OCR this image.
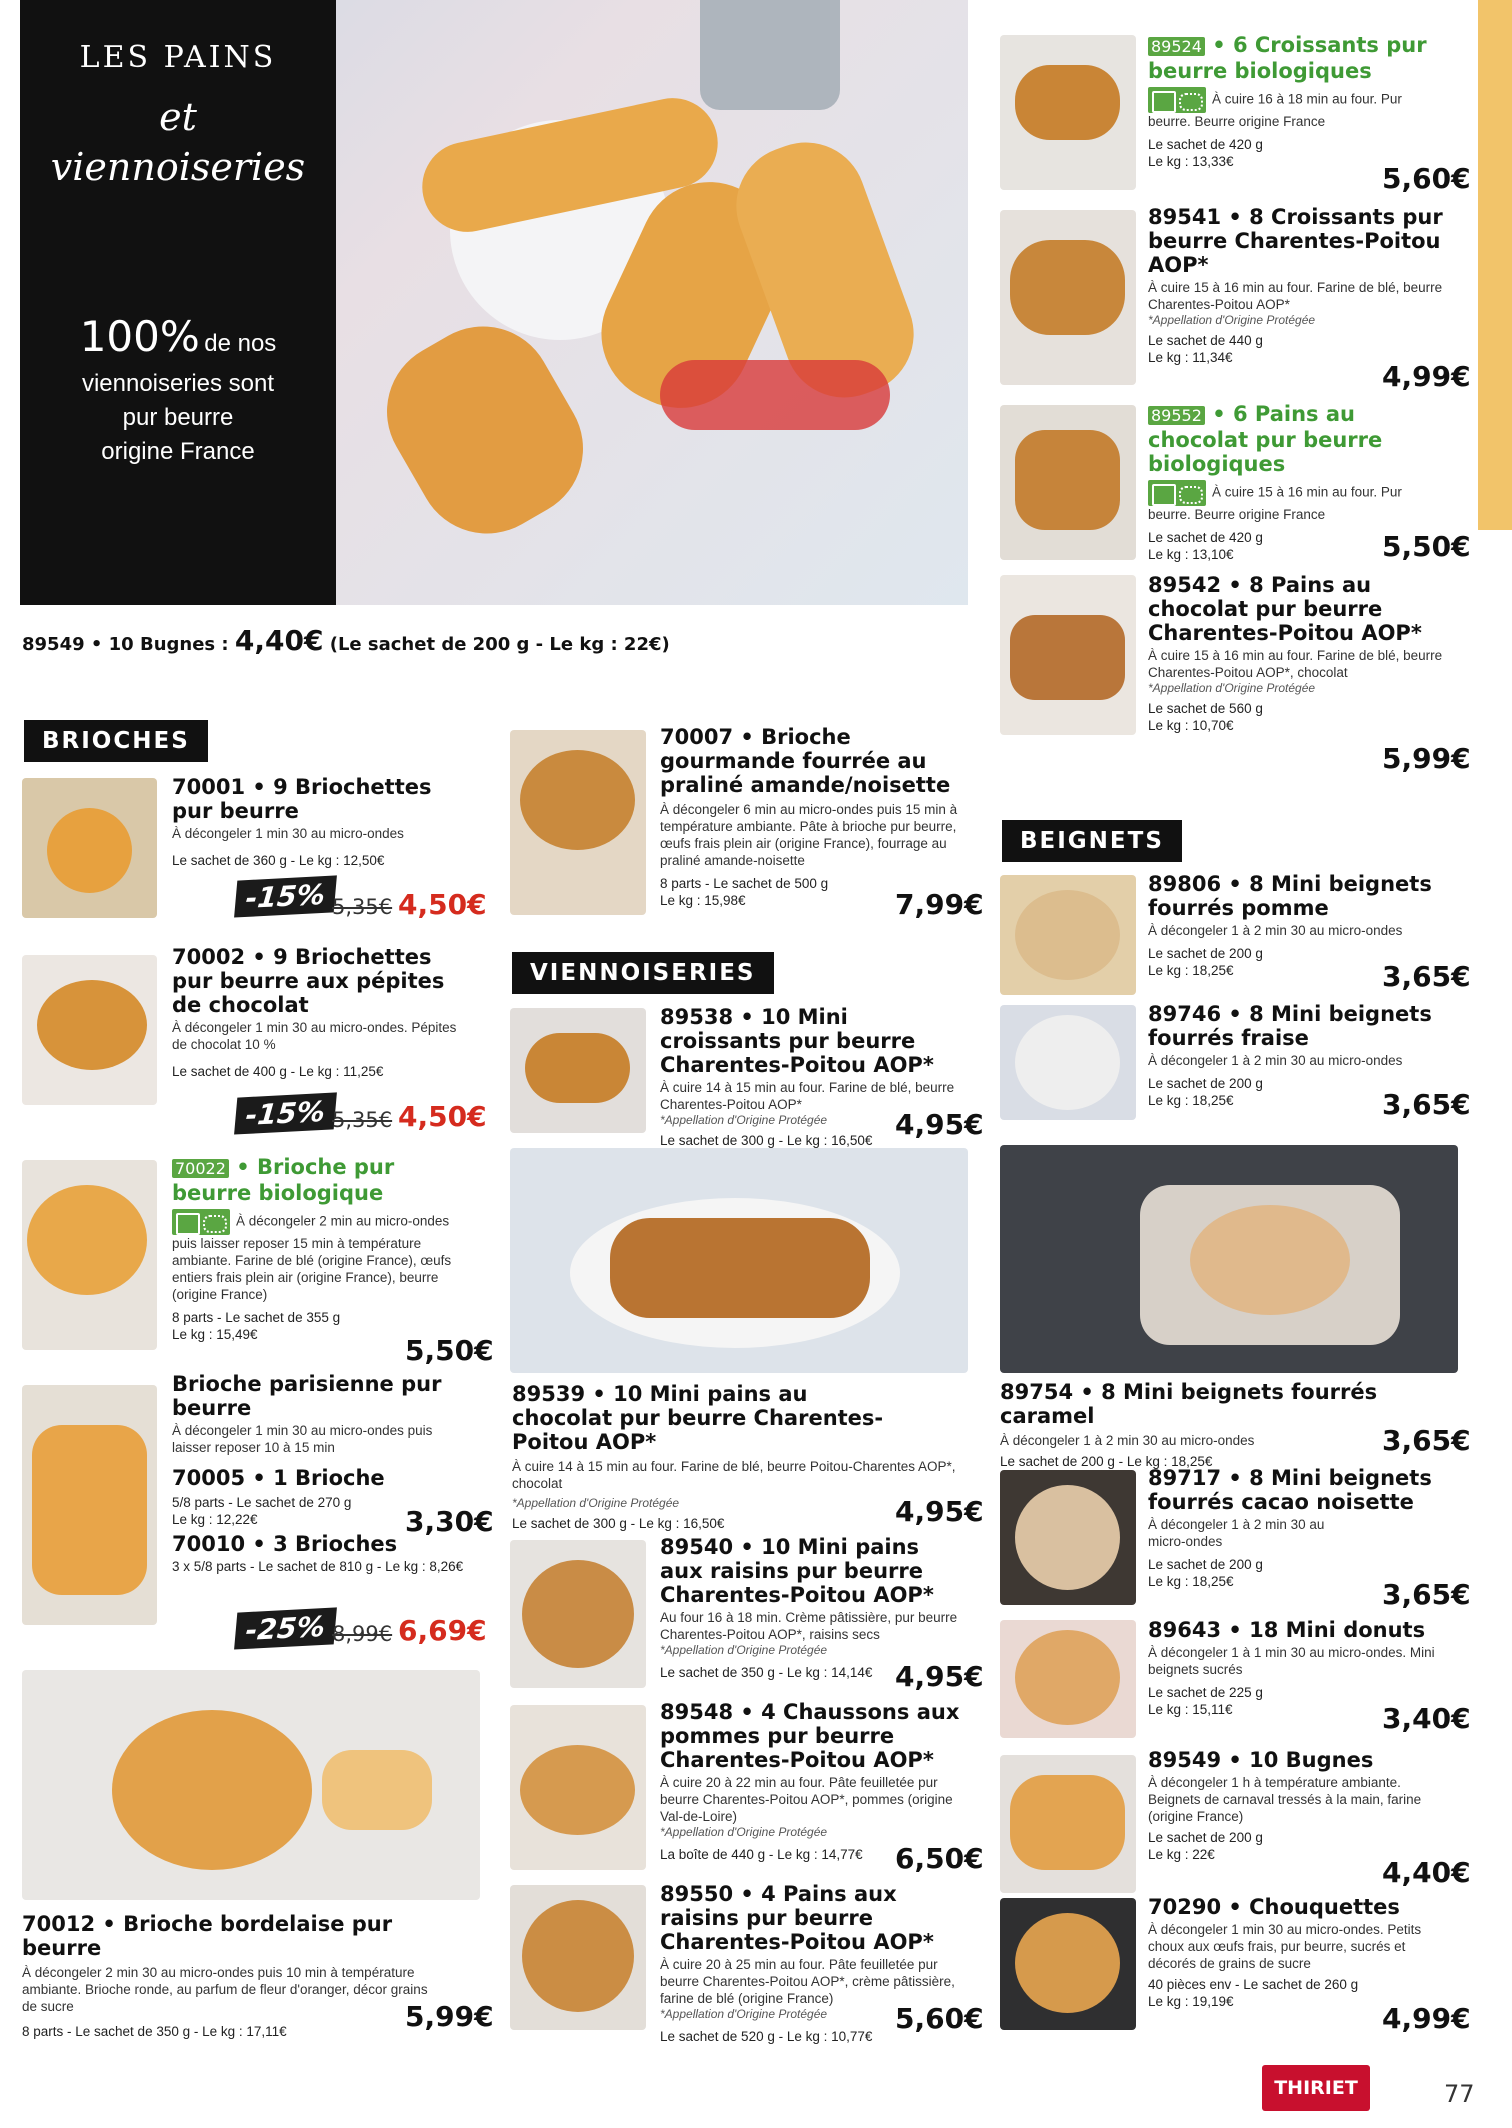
LES PAINS
et
viennoiseries
100% de nos
viennoiseries sont
pur beurre
origine France
89549 • 10 Bugnes : 4,40€ (Le sachet de 200 g - Le kg : 22€)
BRIOCHES
70001 • 9 Briochettes pur beurre
À décongeler 1 min 30 au micro-ondes
Le sachet de 360 g - Le kg : 12,50€
-15% 5,35€ 4,50€
70002 • 9 Briochettes pur beurre aux pépites de chocolat
À décongeler 1 min 30 au micro-ondes. Pépites de chocolat 10 %
Le sachet de 400 g - Le kg : 11,25€
-15% 5,35€ 4,50€
70022 • Brioche pur beurre biologique
À décongeler 2 min au micro-ondes puis laisser reposer 15 min à température ambiante. Farine de blé (origine France), œufs entiers frais plein air (origine France), beurre (origine France)
8 parts - Le sachet de 355 g
Le kg : 15,49€	5,50€
Brioche parisienne pur beurre
À décongeler 1 min 30 au micro-ondes puis laisser reposer 10 à 15 min
70005 • 1 Brioche
5/8 parts - Le sachet de 270 g
Le kg : 12,22€
70010 • 3 Brioches
3 x 5/8 parts - Le sachet de 810 g - Le kg : 8,26€
3,30€
-25% 8,99€ 6,69€
70012 • Brioche bordelaise pur beurre
À décongeler 2 min 30 au micro-ondes puis 10 min à température ambiante. Brioche ronde, au parfum de fleur d'oranger, décor grains de sucre
8 parts - Le sachet de 350 g - Le kg : 17,11€	5,99€
70007 • Brioche gourmande fourrée au praliné amande/noisette
À décongeler 6 min au micro-ondes puis 15 min à température ambiante. Pâte à brioche pur beurre, œufs frais plein air (origine France), fourrage au praliné amande-noisette
8 parts - Le sachet de 500 g
Le kg : 15,98€	7,99€
VIENNOISERIES
89538 • 10 Mini croissants pur beurre Charentes-Poitou AOP*
À cuire 14 à 15 min au four. Farine de blé, beurre Charentes-Poitou AOP*
*Appellation d'Origine Protégée
Le sachet de 300 g - Le kg : 16,50€ 4,95€
89539 • 10 Mini pains au chocolat pur beurre Charentes-Poitou AOP*
À cuire 14 à 15 min au four. Farine de blé, beurre Poitou-Charentes AOP*, chocolat
*Appellation d'Origine Protégée
Le sachet de 300 g - Le kg : 16,50€	4,95€
89540 • 10 Mini pains aux raisins pur beurre Charentes-Poitou AOP*
Au four 16 à 18 min. Crème pâtissière, pur beurre Charentes-Poitou AOP*, raisins secs
*Appellation d'Origine Protégée
Le sachet de 350 g - Le kg : 14,14€ 4,95€
89548 • 4 Chaussons aux pommes pur beurre Charentes-Poitou AOP*
À cuire 20 à 22 min au four. Pâte feuilletée pur beurre Charentes-Poitou AOP*, pommes (origine Val-de-Loire)
*Appellation d'Origine Protégée
La boîte de 440 g - Le kg : 14,77€	6,50€
89550 • 4 Pains aux raisins pur beurre Charentes-Poitou AOP*
À cuire 20 à 25 min au four. Pâte feuilletée pur beurre Charentes-Poitou AOP*, crème pâtissière, farine de blé (origine France)
*Appellation d'Origine Protégée
Le sachet de 520 g - Le kg : 10,77€
5,60€
89524 • 6 Croissants pur beurre biologiques
À cuire 16 à 18 min au four. Pur beurre. Beurre origine France
Le sachet de 420 g
Le kg : 13,33€
5,60€
89541 • 8 Croissants pur beurre Charentes-Poitou AOP*
À cuire 15 à 16 min au four. Farine de blé, beurre Charentes-Poitou AOP*
*Appellation d'Origine Protégée
Le sachet de 440 g
Le kg : 11,34€
4,99€
89552 • 6 Pains au chocolat pur beurre biologiques
À cuire 15 à 16 min au four. Pur beurre. Beurre origine France
Le sachet de 420 g
Le kg : 13,10€	5,50€
89542 • 8 Pains au chocolat pur beurre Charentes-Poitou AOP*
À cuire 15 à 16 min au four. Farine de blé, beurre Charentes-Poitou AOP*, chocolat
*Appellation d'Origine Protégée
Le sachet de 560 g
Le kg : 10,70€
5,99€
BEIGNETS
89806 • 8 Mini beignets fourrés pomme
À décongeler 1 à 2 min 30 au micro-ondes
Le sachet de 200 g
Le kg : 18,25€	3,65€
89746 • 8 Mini beignets fourrés fraise
À décongeler 1 à 2 min 30 au micro-ondes
Le sachet de 200 g
Le kg : 18,25€	3,65€
89754 • 8 Mini beignets fourrés caramel
À décongeler 1 à 2 min 30 au micro-ondes
Le sachet de 200 g - Le kg : 18,25€
3,65€
89717 • 8 Mini beignets fourrés cacao noisette
À décongeler 1 à 2 min 30 au micro-ondes
Le sachet de 200 g
Le kg : 18,25€	3,65€
89643 • 18 Mini donuts
À décongeler 1 à 1 min 30 au micro-ondes. Mini beignets sucrés
Le sachet de 225 g
Le kg : 15,11€	3,40€
89549 • 10 Bugnes
À décongeler 1 h à température ambiante. Beignets de carnaval tressés à la main, farine (origine France)
Le sachet de 200 g
Le kg : 22€
4,40€
70290 • Chouquettes
À décongeler 1 min 30 au micro-ondes. Petits choux aux œufs frais, pur beurre, sucrés et décorés de grains de sucre
40 pièces env - Le sachet de 260 g
Le kg : 19,19€
4,99€
THIRIET	77
